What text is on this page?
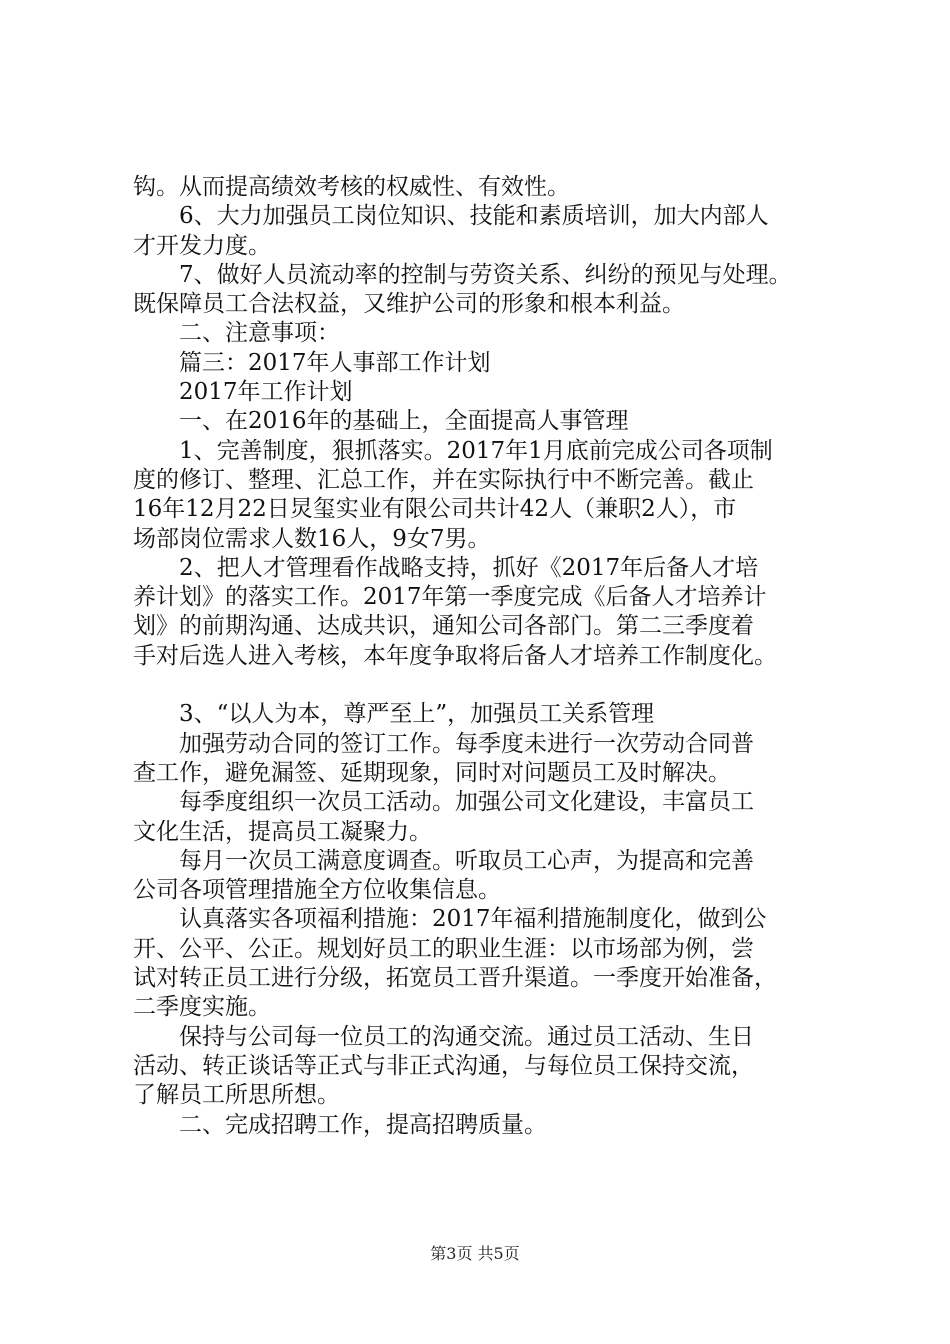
钩。从而提高绩效考核的权威性、有效性。
6、大力加强员工岗位知识、技能和素质培训，加大内部人
才开发力度。
7、做好人员流动率的控制与劳资关系、纠纷的预见与处理。
既保障员工合法权益，又维护公司的形象和根本利益。
二、注意事项：
篇三：2017年人事部工作计划
2017年工作计划
一、在2016年的基础上，全面提高人事管理
1、完善制度，狠抓落实。2017年1月底前完成公司各项制
度的修订、整理、汇总工作，并在实际执行中不断完善。截止
16年12月22日炅玺实业有限公司共计42人（兼职2人），市
场部岗位需求人数16人，9女7男。
2、把人才管理看作战略支持，抓好《2017年后备人才培
养计划》的落实工作。2017年第一季度完成《后备人才培养计
划》的前期沟通、达成共识，通知公司各部门。第二三季度着
手对后选人进入考核，本年度争取将后备人才培养工作制度化。
3、“以人为本，尊严至上”，加强员工关系管理
加强劳动合同的签订工作。每季度未进行一次劳动合同普
查工作，避免漏签、延期现象，同时对问题员工及时解决。
每季度组织一次员工活动。加强公司文化建设，丰富员工
文化生活，提高员工凝聚力。
每月一次员工满意度调查。听取员工心声，为提高和完善
公司各项管理措施全方位收集信息。
认真落实各项福利措施：2017年福利措施制度化，做到公
开、公平、公正。规划好员工的职业生涯：以市场部为例，尝
试对转正员工进行分级，拓宽员工晋升渠道。一季度开始准备，
二季度实施。
保持与公司每一位员工的沟通交流。通过员工活动、生日
活动、转正谈话等正式与非正式沟通，与每位员工保持交流，
了解员工所思所想。
二、完成招聘工作，提高招聘质量。
第3页 共5页
